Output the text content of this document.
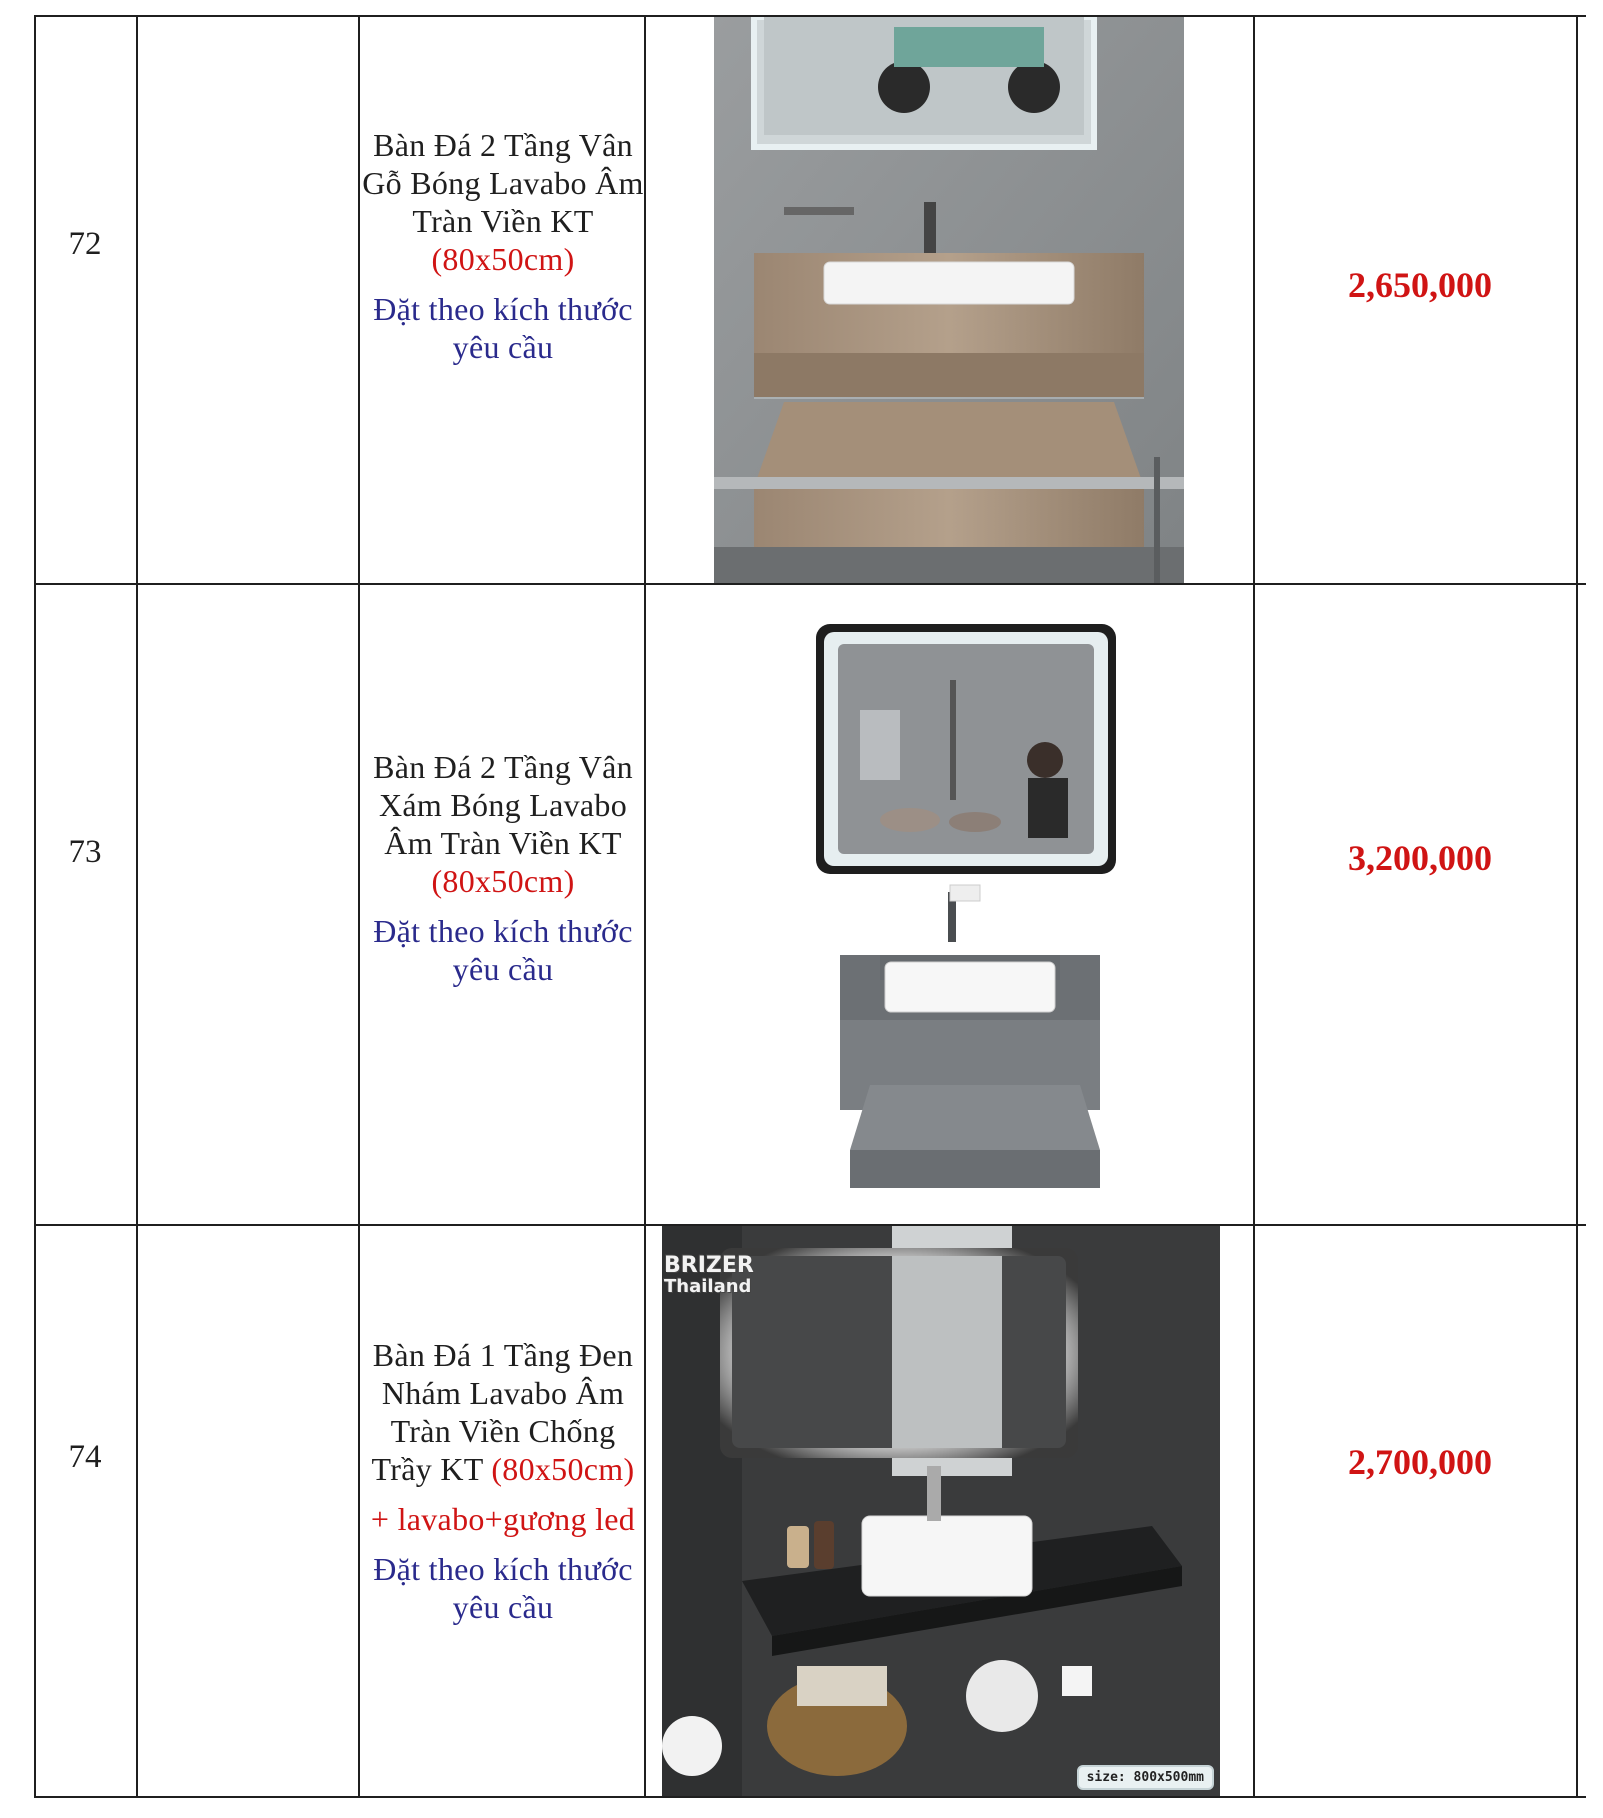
72

Bàn Đá 2 Tầng Vân Gỗ Bóng Lavabo Âm Tràn Viền KT

(80x50cm)

Đặt theo kích thước yêu cầu

2,650,000
73

Bàn Đá 2 Tầng Vân Xám Bóng Lavabo Âm Tràn Viền KT

(80x50cm)

Đặt theo kích thước yêu cầu

3,200,000
74

Bàn Đá 1 Tầng Đen Nhám Lavabo Âm Tràn Viền Chống Trầy KT (80x50cm)

+ lavabo+gương led

Đặt theo kích thước yêu cầu

BRIZER
Thailand
size: 800x500mm
2,700,000
